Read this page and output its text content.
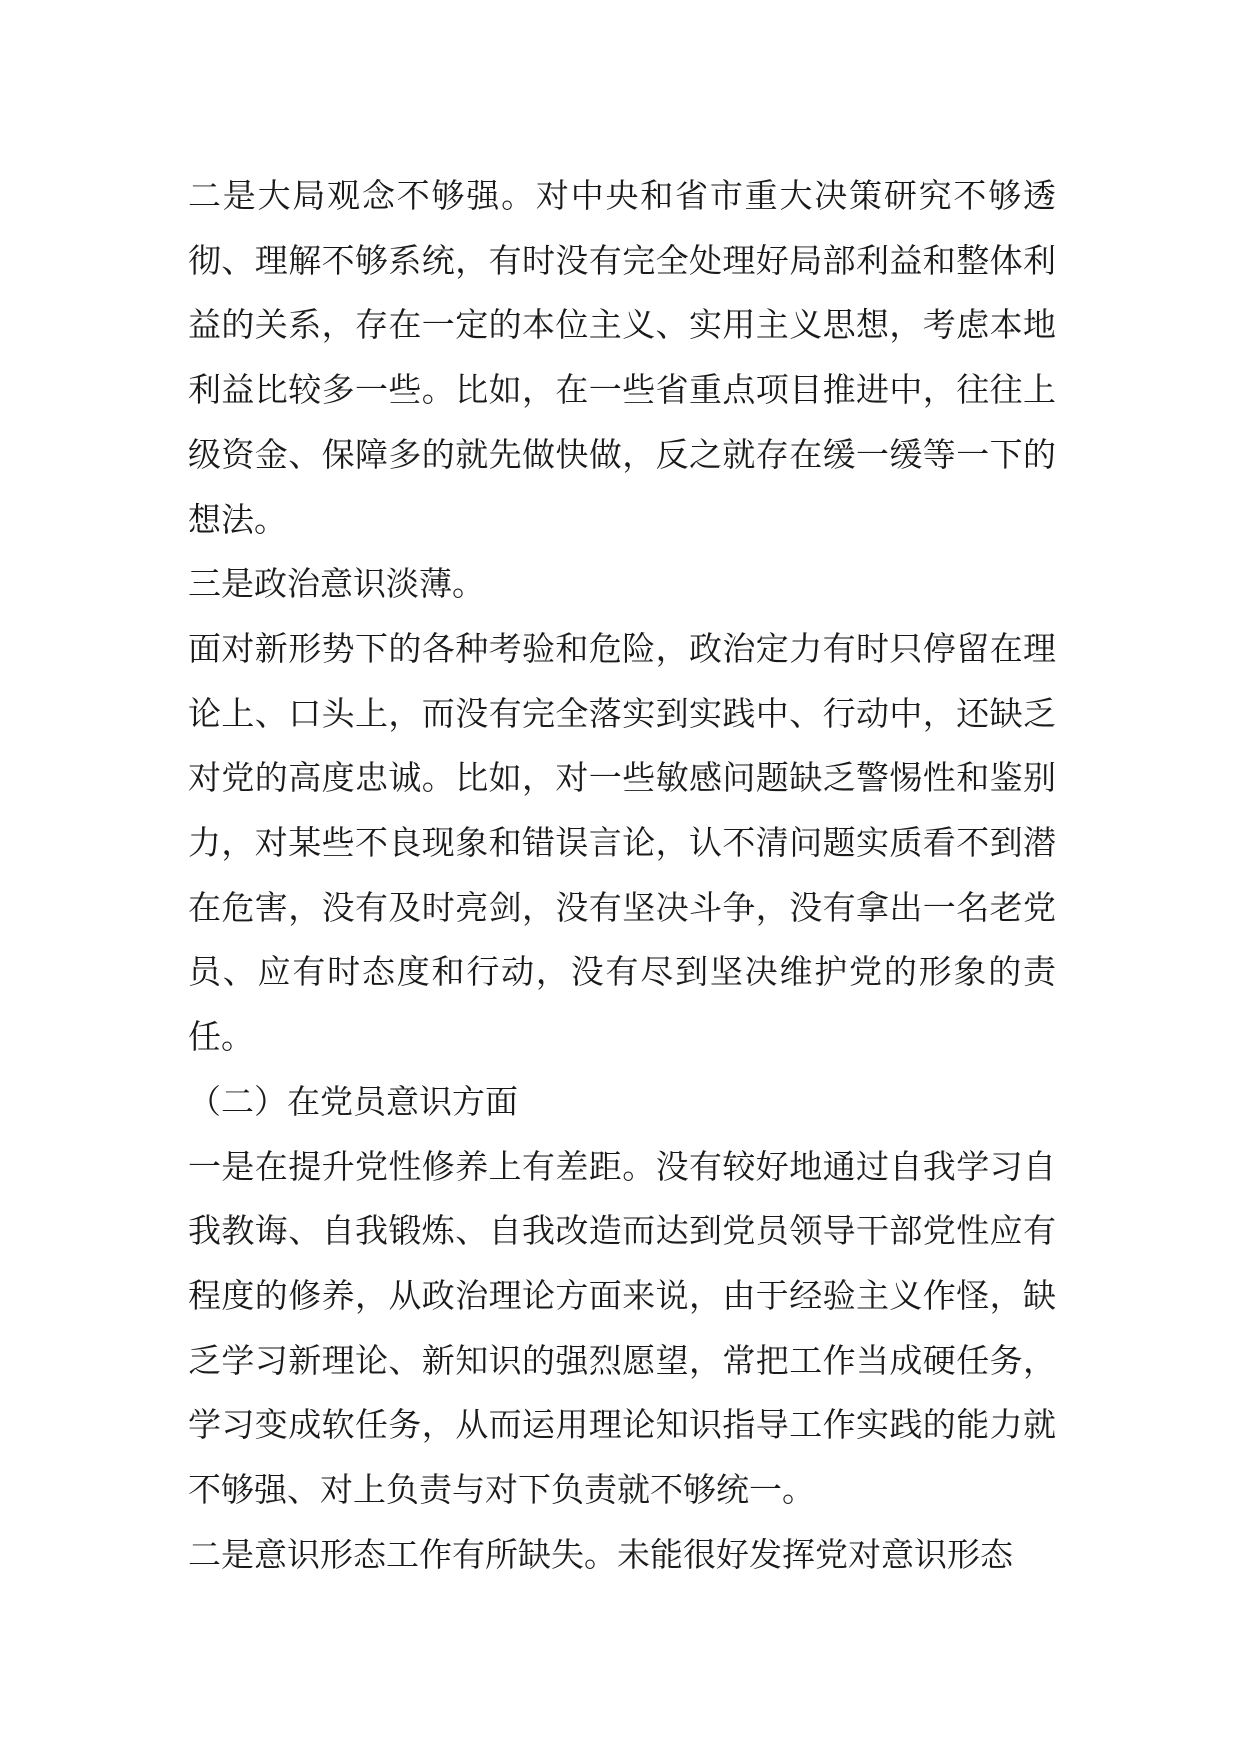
二是大局观念不够强。对中央和省市重大决策研究不够透彻、理解不够系统，有时没有完全处理好局部利益和整体利益的关系，存在一定的本位主义、实用主义思想，考虑本地利益比较多一些。比如，在一些省重点项目推进中，往往上级资金、保障多的就先做快做，反之就存在缓一缓等一下的想法。

三是政治意识淡薄。

面对新形势下的各种考验和危险，政治定力有时只停留在理论上、口头上，而没有完全落实到实践中、行动中，还缺乏对党的高度忠诚。比如，对一些敏感问题缺乏警惕性和鉴别力，对某些不良现象和错误言论，认不清问题实质看不到潜在危害，没有及时亮剑，没有坚决斗争，没有拿出一名老党员、应有时态度和行动，没有尽到坚决维护党的形象的责任。

（二）在党员意识方面

一是在提升党性修养上有差距。没有较好地通过自我学习自我教诲、自我锻炼、自我改造而达到党员领导干部党性应有程度的修养，从政治理论方面来说，由于经验主义作怪，缺乏学习新理论、新知识的强烈愿望，常把工作当成硬任务，学习变成软任务，从而运用理论知识指导工作实践的能力就不够强、对上负责与对下负责就不够统一。

二是意识形态工作有所缺失。未能很好发挥党对意识形态
